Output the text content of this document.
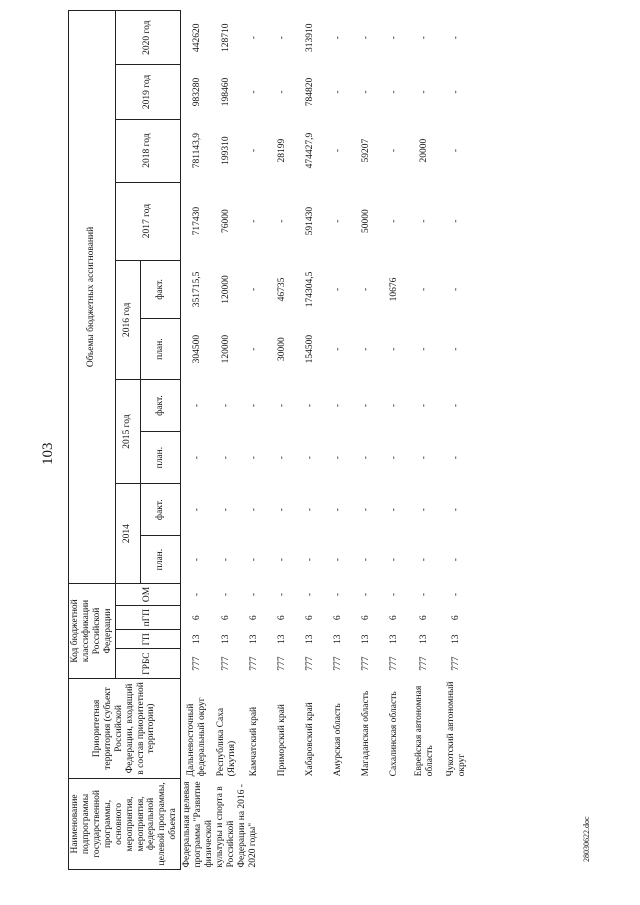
103
Наименование подпрограммы государственной программы, основного мероприятия, мероприятия, федеральной целевой программы, объекта	Приоритетная территория (субъект Российской Федерации, входящий в состав приоритетной территории)	Код бюджетной классификации Российской Федерации				Объемы бюджетных ассигнований									
		ГРБС	ГП	пГП	ОМ	2014		2015 год		2016 год		2017 год	2018 год	2019 год	2020 год
						план.	факт.	план.	факт.	план.	факт.				
Федеральная целевая программа "Развитие физической культуры и спорта в Российской Федерации на 2016 - 2020 годы"	Дальневосточный федеральный округ	777	13	6	-	-	-	-	-	304500	351715,5	717430	781143,9	983280	442620
	Республика Саха (Якутия)	777	13	6	-	-	-	-	-	120000	120000	76000	199310	198460	128710
	Камчатский край	777	13	6	-	-	-	-	-	-	-	-	-	-	-
	Приморский край	777	13	6	-	-	-	-	-	30000	46735	-	28199	-	-
	Хабаровский край	777	13	6	-	-	-	-	-	154500	174304,5	591430	474427,9	784820	313910
	Амурская область	777	13	6	-	-	-	-	-	-	-	-	-	-	-
	Магаданская область	777	13	6	-	-	-	-	-	-	-	50000	59207	-	-
	Сахалинская область	777	13	6	-	-	-	-	-	-	10676	-	-	-	-
	Еврейская автономная область	777	13	6	-	-	-	-	-	-	-	-	20000	-	-
	Чукотский автономный округ	777	13	6	-	-	-	-	-	-	-	-	-	-	-
28030622.doc
